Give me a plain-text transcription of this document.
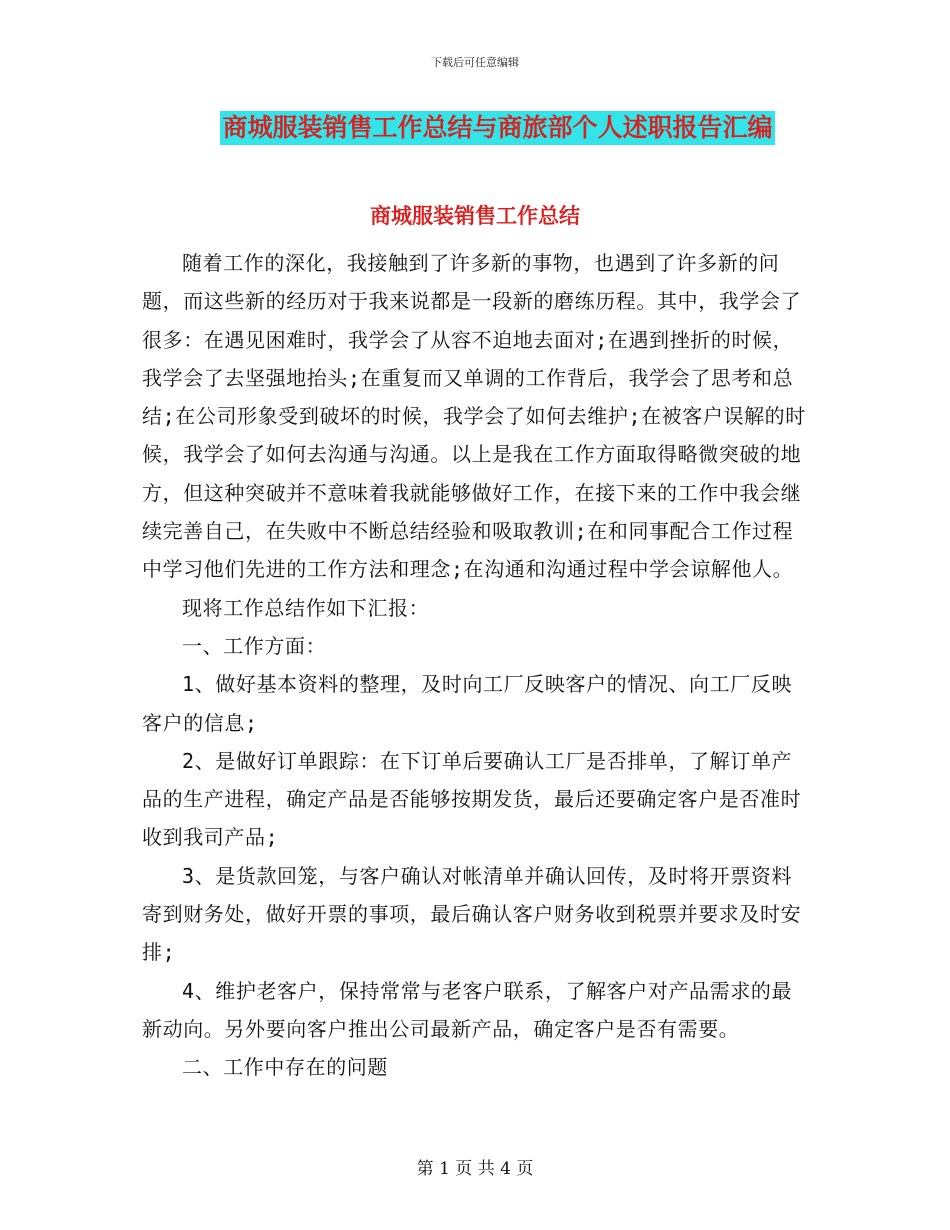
下载后可任意编辑
商城服装销售工作总结与商旅部个人述职报告汇编
商城服装销售工作总结

随着工作的深化，我接触到了许多新的事物，也遇到了许多新的问题，而这些新的经历对于我来说都是一段新的磨练历程。其中，我学会了很多：在遇见困难时，我学会了从容不迫地去面对;在遇到挫折的时候，我学会了去坚强地抬头;在重复而又单调的工作背后，我学会了思考和总结;在公司形象受到破坏的时候，我学会了如何去维护;在被客户误解的时候，我学会了如何去沟通与沟通。以上是我在工作方面取得略微突破的地方，但这种突破并不意味着我就能够做好工作，在接下来的工作中我会继续完善自己，在失败中不断总结经验和吸取教训;在和同事配合工作过程中学习他们先进的工作方法和理念;在沟通和沟通过程中学会谅解他人。

现将工作总结作如下汇报：

一、工作方面：

1、做好基本资料的整理，及时向工厂反映客户的情况、向工厂反映客户的信息;

2、是做好订单跟踪：在下订单后要确认工厂是否排单，了解订单产品的生产进程，确定产品是否能够按期发货，最后还要确定客户是否准时收到我司产品;

3、是货款回笼，与客户确认对帐清单并确认回传，及时将开票资料寄到财务处，做好开票的事项，最后确认客户财务收到税票并要求及时安排;

4、维护老客户，保持常常与老客户联系，了解客户对产品需求的最新动向。另外要向客户推出公司最新产品，确定客户是否有需要。

二、工作中存在的问题

第 1 页 共 4 页
